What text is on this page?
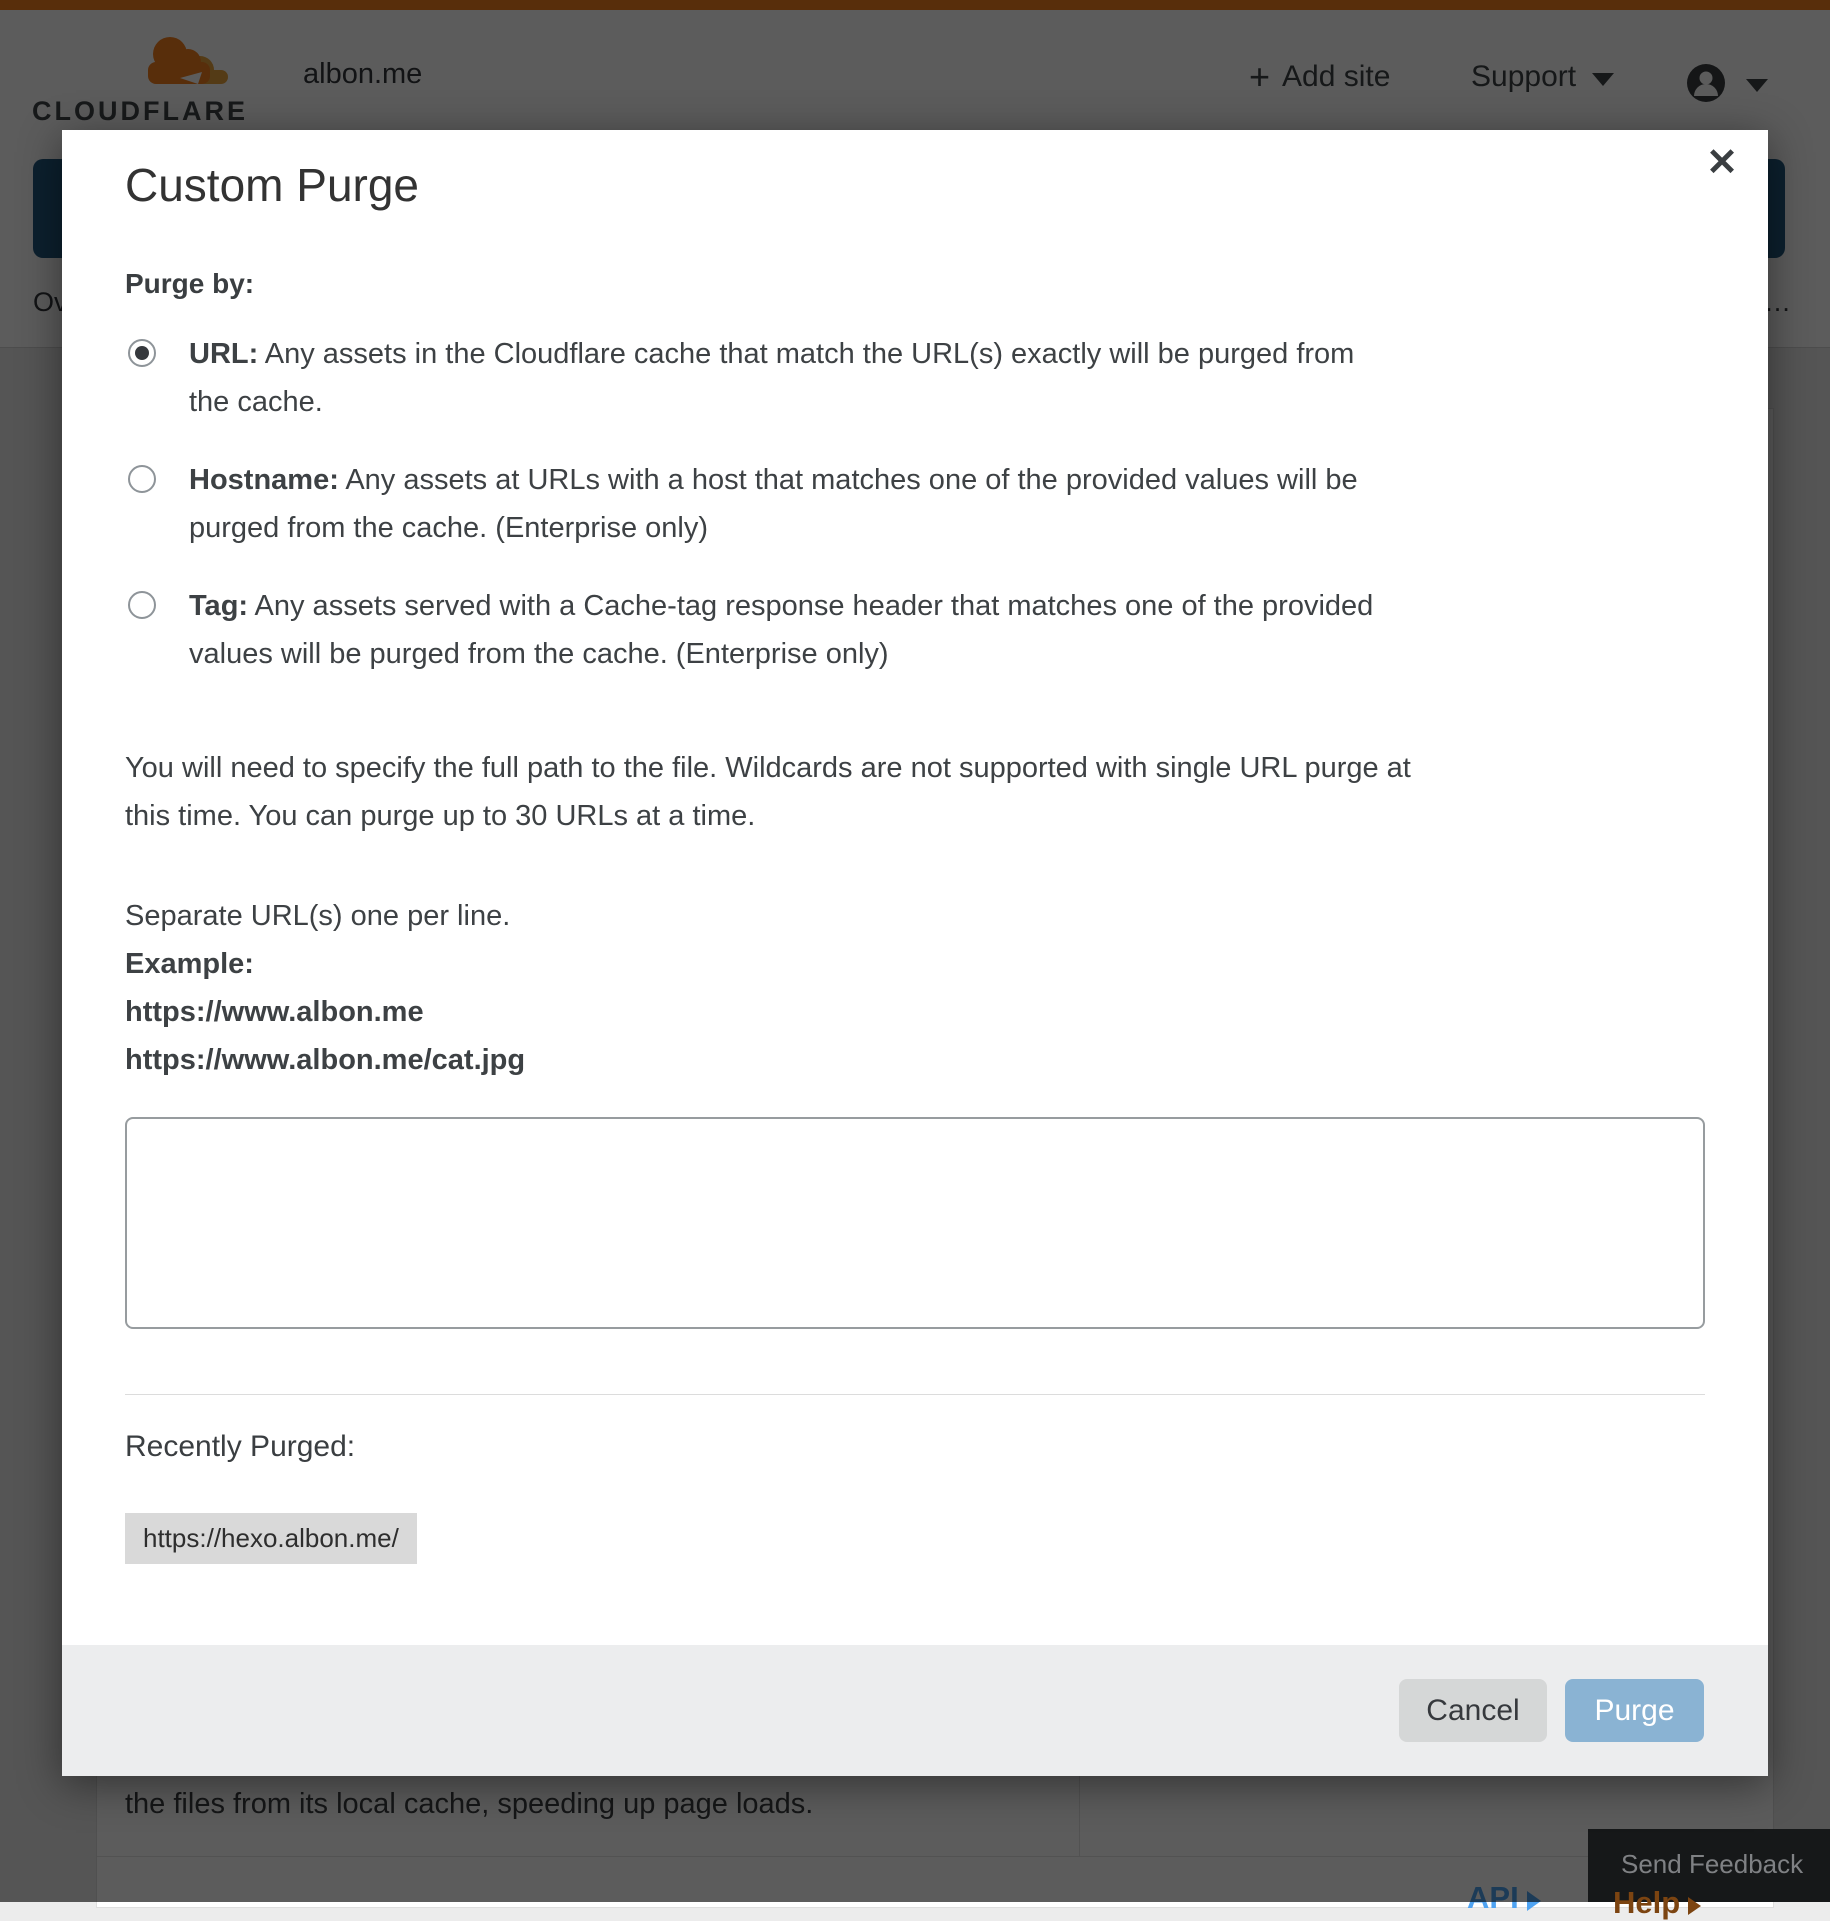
Send Feedback
Help
Custom Purge	✕
Purge by:
URL: Any assets in the Cloudflare cache that match the URL(s) exactly will be purged from
the cache.
Hostname: Any assets at URLs with a host that matches one of the provided values will be
purged from the cache. (Enterprise only)
Tag: Any assets served with a Cache-tag response header that matches one of the provided
values will be purged from the cache. (Enterprise only)
You will need to specify the full path to the file. Wildcards are not supported with single URL purge at
this time. You can purge up to 30 URLs at a time.
Separate URL(s) one per line.
Example:
https://www.albon.me
https://www.albon.me/cat.jpg
Recently Purged:
https://hexo.albon.me/
Cancel	Purge
